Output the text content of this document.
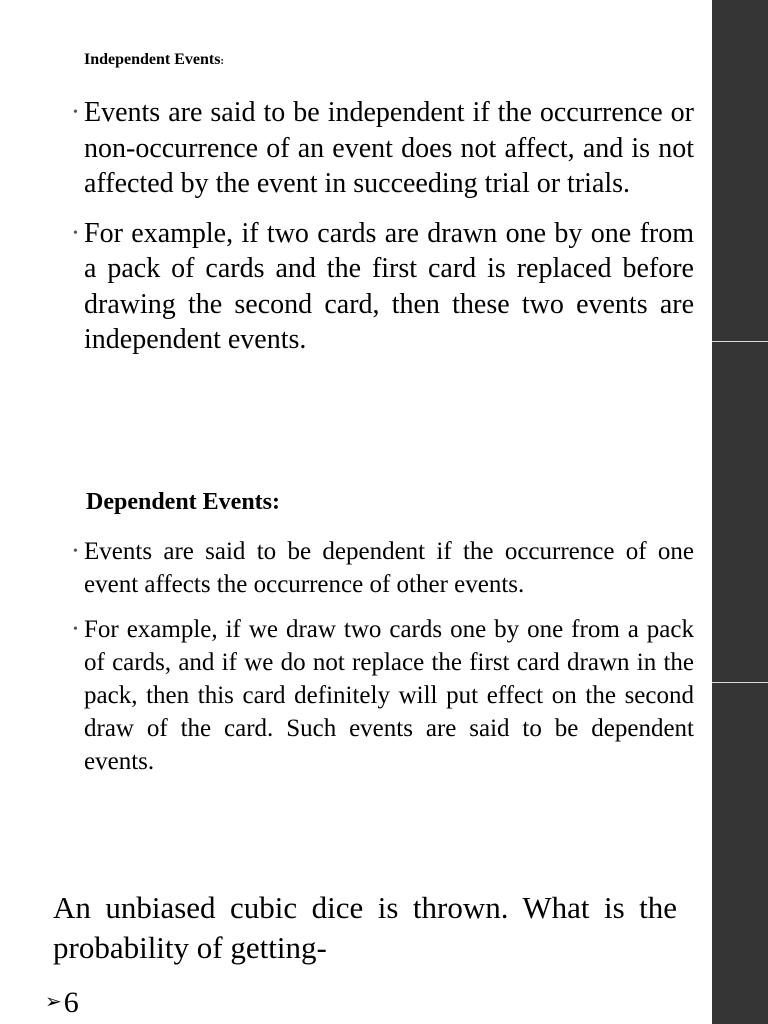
Independent Events:
• Events are said to be independent if the occurrence or non-occurrence of an event does not affect, and is not affected by the event in succeeding trial or trials.
• For example, if two cards are drawn one by one from a pack of cards and the first card is replaced before drawing the second card, then these two events are independent events.
Dependent Events:
• Events are said to be dependent if the occurrence of one event affects the occurrence of other events.
• For example, if we draw two cards one by one from a pack of cards, and if we do not replace the first card drawn in the pack, then this card definitely will put effect on the second draw of the card. Such events are said to be dependent events.
An unbiased cubic dice is thrown. What is the probability of getting-
➢6
